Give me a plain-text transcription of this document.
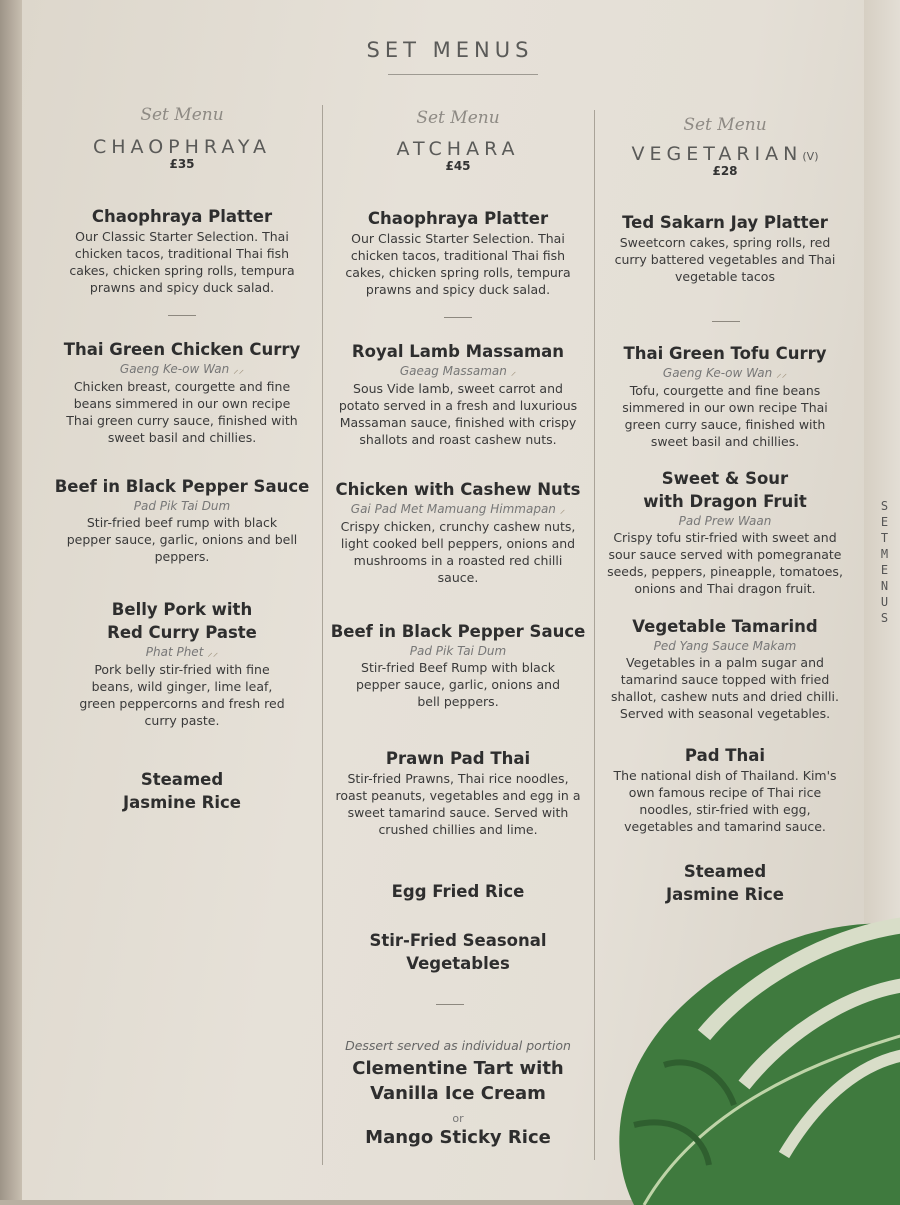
SET MENUS
SET MENUS
Set Menu
CHAOPHRAYA
£35
Chaophraya Platter
Our Classic Starter Selection. Thai chicken tacos, traditional Thai fish cakes, chicken spring rolls, tempura prawns and spicy duck salad.
Thai Green Chicken Curry
Gaeng Ke-ow Wan ⸝⸝
Chicken breast, courgette and fine beans simmered in our own recipe Thai green curry sauce, finished with sweet basil and chillies.
Beef in Black Pepper Sauce
Pad Pik Tai Dum
Stir-fried beef rump with black pepper sauce, garlic, onions and bell peppers.
Belly Pork with Red Curry Paste
Phat Phet ⸝⸝
Pork belly stir-fried with fine beans, wild ginger, lime leaf, green peppercorns and fresh red curry paste.
Steamed Jasmine Rice
Set Menu
ATCHARA
£45
Chaophraya Platter
Our Classic Starter Selection. Thai chicken tacos, traditional Thai fish cakes, chicken spring rolls, tempura prawns and spicy duck salad.
Royal Lamb Massaman
Gaeag Massaman ⸝
Sous Vide lamb, sweet carrot and potato served in a fresh and luxurious Massaman sauce, finished with crispy shallots and roast cashew nuts.
Chicken with Cashew Nuts
Gai Pad Met Mamuang Himmapan ⸝
Crispy chicken, crunchy cashew nuts, light cooked bell peppers, onions and mushrooms in a roasted red chilli sauce.
Beef in Black Pepper Sauce
Pad Pik Tai Dum
Stir-fried Beef Rump with black pepper sauce, garlic, onions and bell peppers.
Prawn Pad Thai
Stir-fried Prawns, Thai rice noodles, roast peanuts, vegetables and egg in a sweet tamarind sauce. Served with crushed chillies and lime.
Egg Fried Rice
Stir-Fried Seasonal Vegetables
Dessert served as individual portion
Clementine Tart with Vanilla Ice Cream
or
Mango Sticky Rice
Set Menu
VEGETARIAN(V)
£28
Ted Sakarn Jay Platter
Sweetcorn cakes, spring rolls, red curry battered vegetables and Thai vegetable tacos
Thai Green Tofu Curry
Gaeng Ke-ow Wan ⸝⸝
Tofu, courgette and fine beans simmered in our own recipe Thai green curry sauce, finished with sweet basil and chillies.
Sweet & Sour with Dragon Fruit
Pad Prew Waan
Crispy tofu stir-fried with sweet and sour sauce served with pomegranate seeds, peppers, pineapple, tomatoes, onions and Thai dragon fruit.
Vegetable Tamarind
Ped Yang Sauce Makam
Vegetables in a palm sugar and tamarind sauce topped with fried shallot, cashew nuts and dried chilli. Served with seasonal vegetables.
Pad Thai
The national dish of Thailand. Kim's own famous recipe of Thai rice noodles, stir-fried with egg, vegetables and tamarind sauce.
Steamed Jasmine Rice
